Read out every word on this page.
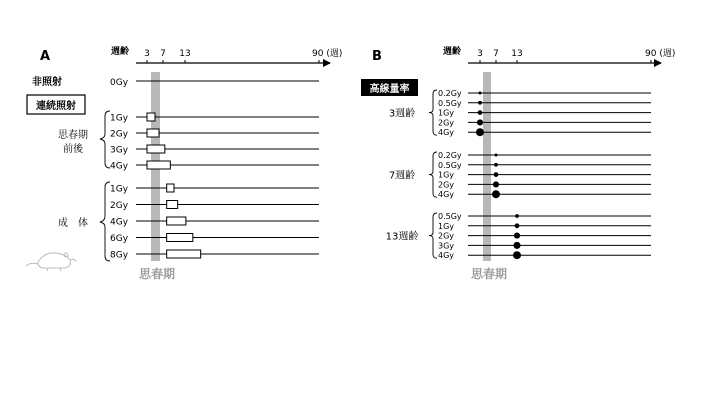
A	週齢 3 7 13	90 (週)
非照射	0Gy
連続照射
思春期
前後
1Gy
2Gy
3Gy
4Gy
成　体
1Gy
2Gy
4Gy
6Gy
8Gy
思春期
B	週齢 3 7 13	90 (週)
高線量率
3週齢
0.2Gy
0.5Gy
1Gy
2Gy
4Gy
7週齢
0.2Gy
0.5Gy
1Gy
2Gy
4Gy
13週齢
0.5Gy
1Gy
2Gy
3Gy
4Gy
思春期
